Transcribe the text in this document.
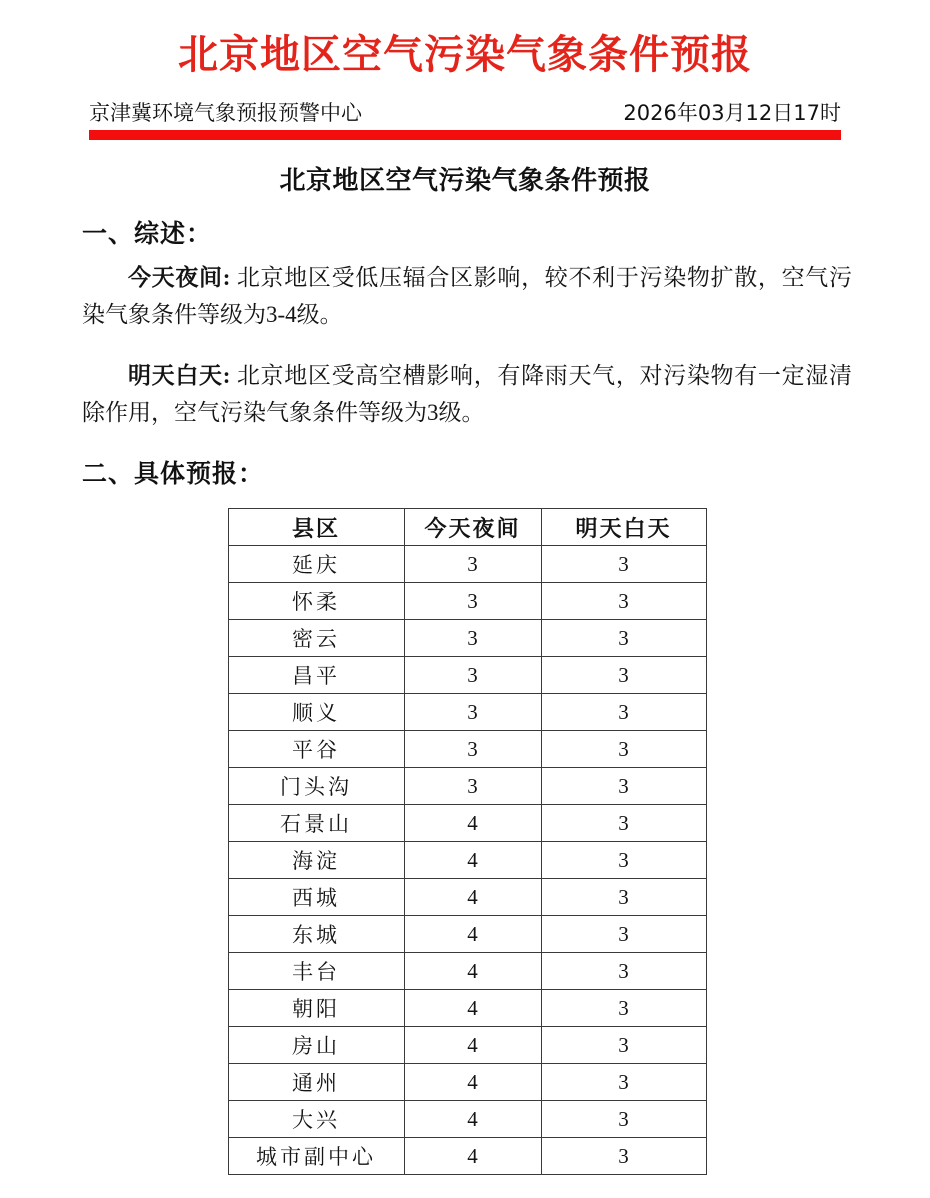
北京地区空气污染气象条件预报
京津冀环境气象预报预警中心	2026年03月12日17时
北京地区空气污染气象条件预报
一、综述：

今天夜间: 北京地区受低压辐合区影响，较不利于污染物扩散，空气污染气象条件等级为3-4级。

明天白天: 北京地区受高空槽影响，有降雨天气，对污染物有一定湿清除作用，空气污染气象条件等级为3级。

二、具体预报：
县区	今天夜间	明天白天
延庆	3	3
怀柔	3	3
密云	3	3
昌平	3	3
顺义	3	3
平谷	3	3
门头沟	3	3
石景山	4	3
海淀	4	3
西城	4	3
东城	4	3
丰台	4	3
朝阳	4	3
房山	4	3
通州	4	3
大兴	4	3
城市副中心	4	3
